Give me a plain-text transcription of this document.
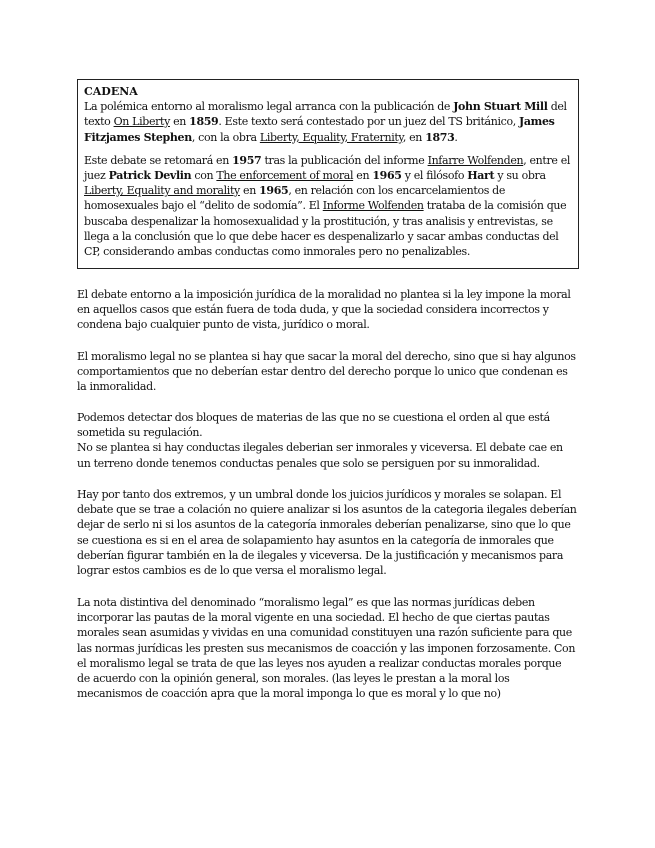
CADENA

La polémica entorno al moralismo legal arranca con la publicación de John Stuart Mill del texto On Liberty en 1859. Este texto será contestado por un juez del TS británico, James Fitzjames Stephen, con la obra Liberty, Equality, Fraternity, en 1873.

Este debate se retomará en 1957 tras la publicación del informe Infarre Wolfenden, entre el juez Patrick Devlin con The enforcement of moral en 1965 y el filósofo Hart y su obra Liberty, Equality and morality en 1965, en relación con los encarcelamientos de homosexuales bajo el “delito de sodomía”. El Informe Wolfenden trataba de la comisión que buscaba despenalizar la homosexualidad y la prostitución, y tras analisis y entrevistas, se llega a la conclusión que lo que debe hacer es despenalizarlo y sacar ambas conductas del CP, considerando ambas conductas como inmorales pero no penalizables.

El debate entorno a la imposición jurídica de la moralidad no plantea si la ley impone la moral en aquellos casos que están fuera de toda duda, y que la sociedad considera incorrectos y condena bajo cualquier punto de vista, jurídico o moral.

El moralismo legal no se plantea si hay que sacar la moral del derecho, sino que si hay algunos comportamientos que no deberían estar dentro del derecho porque lo unico que condenan es la inmoralidad.

Podemos detectar dos bloques de materias de las que no se cuestiona el orden al que está sometida su regulación.
No se plantea si hay conductas ilegales deberian ser inmorales y viceversa. El debate cae en un terreno donde tenemos conductas penales que solo se persiguen por su inmoralidad.

Hay por tanto dos extremos, y un umbral donde los juicios jurídicos y morales se solapan. El debate que se trae a colación no quiere analizar si los asuntos de la categoria ilegales deberían dejar de serlo ni si los asuntos de la categoría inmorales deberían penalizarse, sino que lo que se cuestiona es si en el area de solapamiento hay asuntos en la categoría de inmorales que deberían figurar también en la de ilegales y viceversa. De la justificación y mecanismos para lograr estos cambios es de lo que versa el moralismo legal.

La nota distintiva del denominado “moralismo legal” es que las normas jurídicas deben incorporar las pautas de la moral vigente en una sociedad. El hecho de que ciertas pautas morales sean asumidas y vividas en una comunidad constituyen una razón suficiente para que las normas jurídicas les presten sus mecanismos de coacción y las imponen forzosamente. Con el moralismo legal se trata de que las leyes nos ayuden a realizar conductas morales porque de acuerdo con la opinión general, son morales. (las leyes le prestan a la moral los mecanismos de coacción apra que la moral imponga lo que es moral y lo que no)
